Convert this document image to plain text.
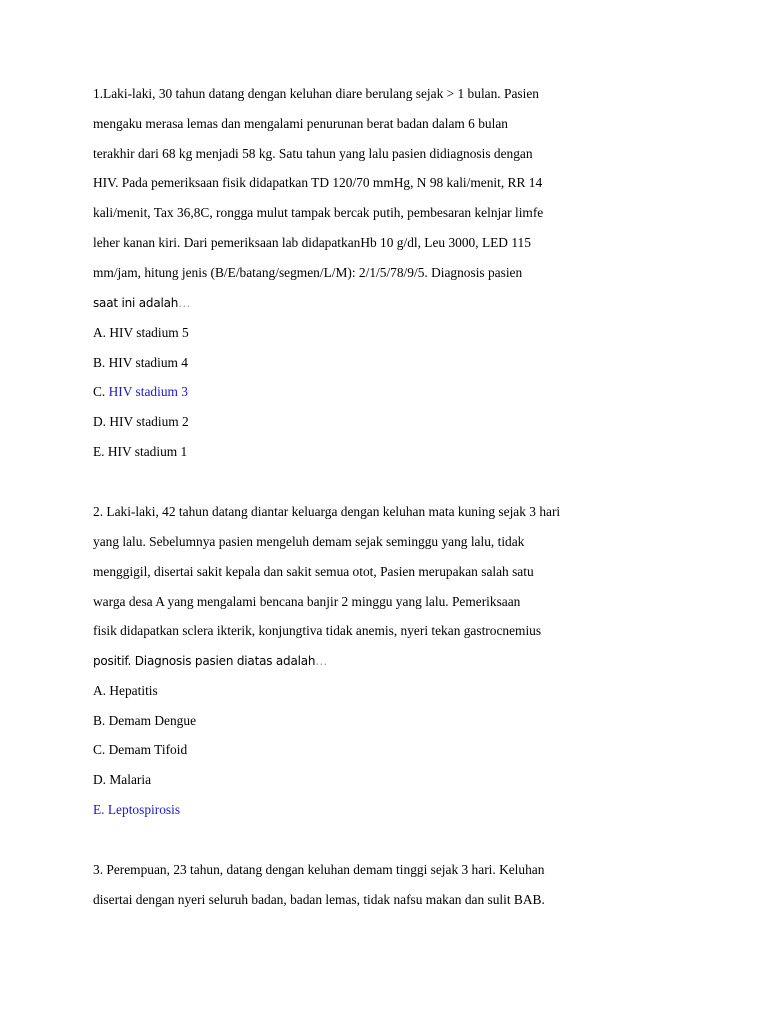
1.Laki-laki, 30 tahun datang dengan keluhan diare berulang sejak > 1 bulan. Pasien
mengaku merasa lemas dan mengalami penurunan berat badan dalam 6 bulan
terakhir dari 68 kg menjadi 58 kg. Satu tahun yang lalu pasien didiagnosis dengan
HIV. Pada pemeriksaan fisik didapatkan TD 120/70 mmHg, N 98 kali/menit, RR 14
kali/menit, Tax 36,8C, rongga mulut tampak bercak putih, pembesaran kelnjar limfe
leher kanan kiri. Dari pemeriksaan lab didapatkanHb 10 g/dl, Leu 3000, LED 115
mm/jam, hitung jenis (B/E/batang/segmen/L/M): 2/1/5/78/9/5. Diagnosis pasien
saat ini adalah…
A. HIV stadium 5
B. HIV stadium 4
C. HIV stadium 3
D. HIV stadium 2
E. HIV stadium 1
2. Laki-laki, 42 tahun datang diantar keluarga dengan keluhan mata kuning sejak 3 hari
yang lalu. Sebelumnya pasien mengeluh demam sejak seminggu yang lalu, tidak
menggigil, disertai sakit kepala dan sakit semua otot, Pasien merupakan salah satu
warga desa A yang mengalami bencana banjir 2 minggu yang lalu. Pemeriksaan
fisik didapatkan sclera ikterik, konjungtiva tidak anemis, nyeri tekan gastrocnemius
positif. Diagnosis pasien diatas adalah…
A. Hepatitis
B. Demam Dengue
C. Demam Tifoid
D. Malaria
E. Leptospirosis
3. Perempuan, 23 tahun, datang dengan keluhan demam tinggi sejak 3 hari. Keluhan
disertai dengan nyeri seluruh badan, badan lemas, tidak nafsu makan dan sulit BAB.
